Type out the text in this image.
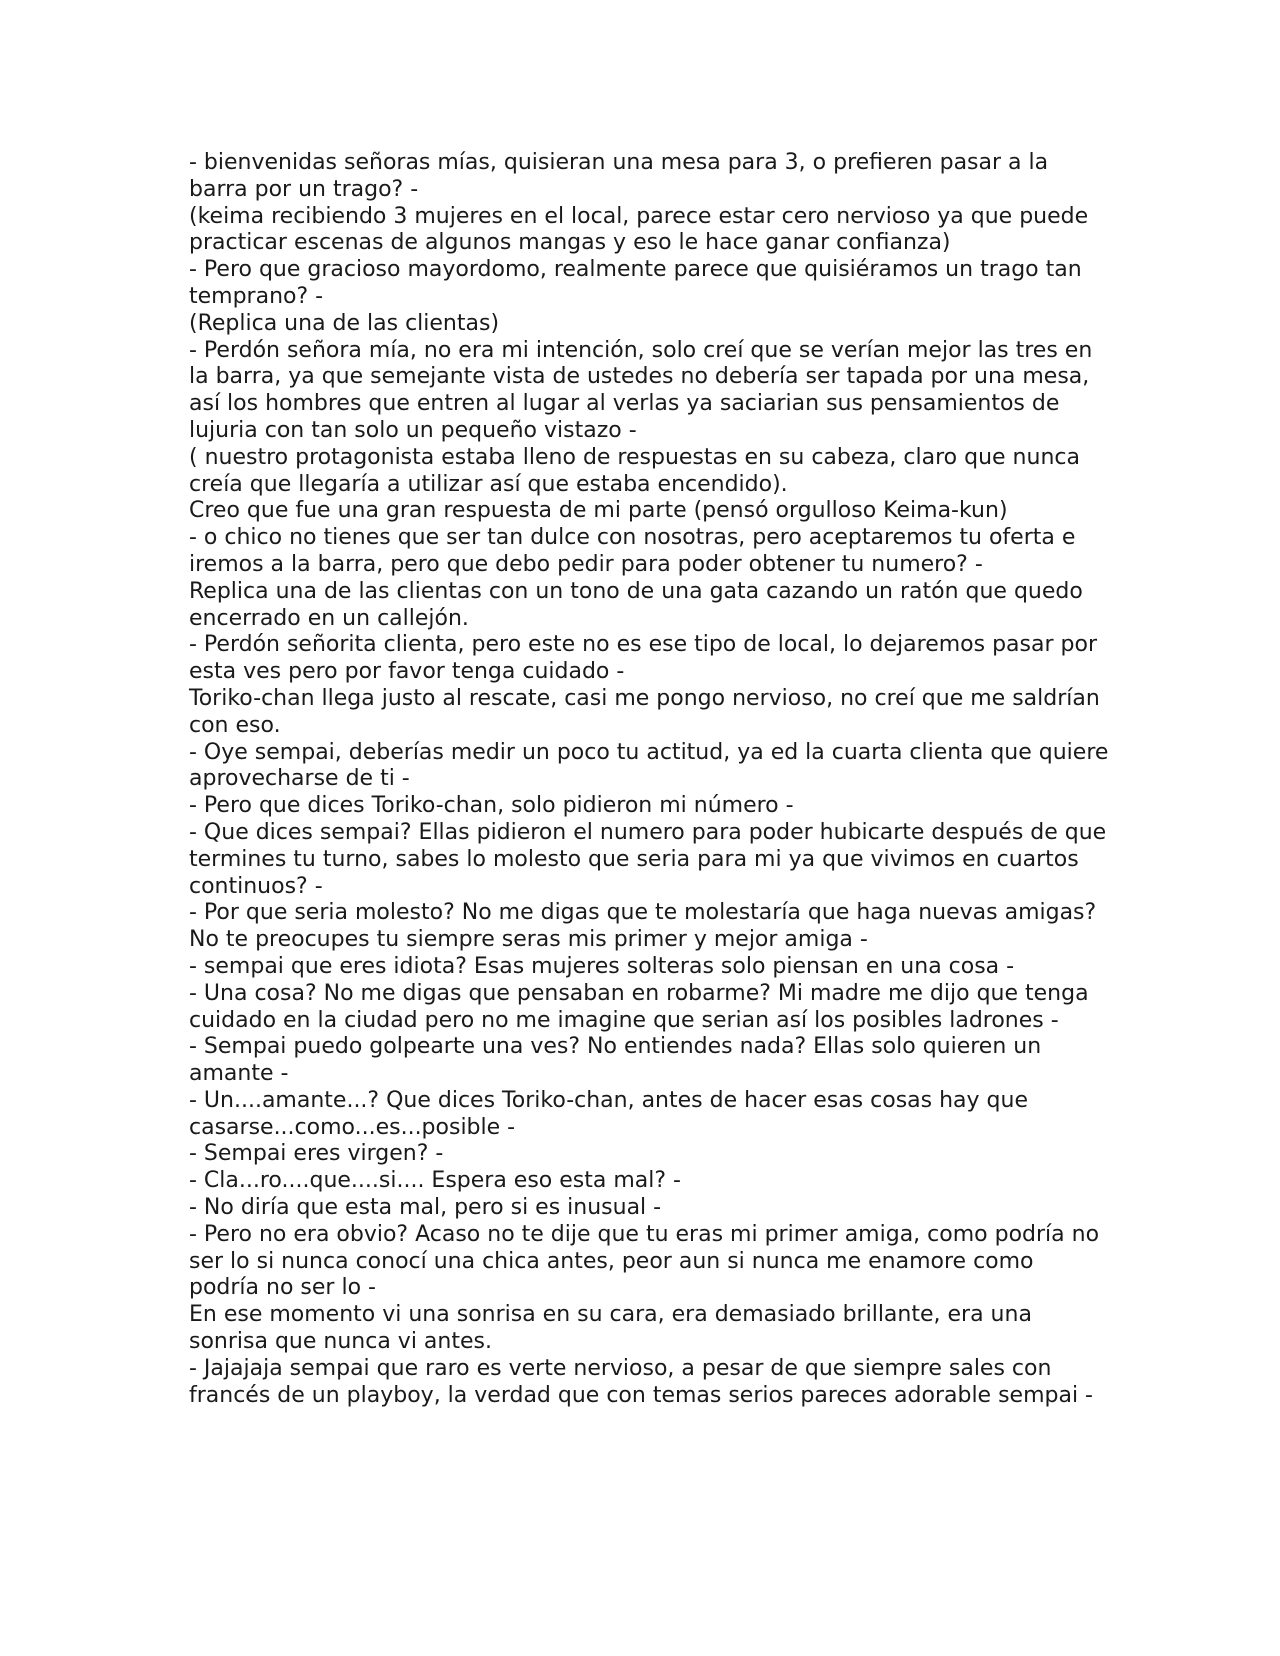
- bienvenidas señoras mías, quisieran una mesa para 3, o prefieren pasar a la barra por un trago? -

(keima recibiendo 3 mujeres en el local, parece estar cero nervioso ya que puede practicar escenas de algunos mangas y eso le hace ganar confianza)

- Pero que gracioso mayordomo, realmente parece que quisiéramos un trago tan temprano? -

(Replica una de las clientas)

- Perdón señora mía, no era mi intención, solo creí que se verían mejor las tres en la barra, ya que semejante vista de ustedes no debería ser tapada por una mesa, así los hombres que entren al lugar al verlas ya saciarian sus pensamientos de lujuria con tan solo un pequeño vistazo -

( nuestro protagonista estaba lleno de respuestas en su cabeza, claro que nunca creía que llegaría a utilizar así que estaba encendido).

Creo que fue una gran respuesta de mi parte (pensó orgulloso Keima-kun)

- o chico no tienes que ser tan dulce con nosotras, pero aceptaremos tu oferta e iremos a la barra, pero que debo pedir para poder obtener tu numero? -

Replica una de las clientas con un tono de una gata cazando un ratón que quedo encerrado en un callejón.

- Perdón señorita clienta, pero este no es ese tipo de local, lo dejaremos pasar por esta ves pero por favor tenga cuidado -

Toriko-chan llega justo al rescate, casi me pongo nervioso, no creí que me saldrían con eso.

- Oye sempai, deberías medir un poco tu actitud, ya ed la cuarta clienta que quiere aprovecharse de ti -

- Pero que dices Toriko-chan, solo pidieron mi número -

- Que dices sempai? Ellas pidieron el numero para poder hubicarte después de que termines tu turno, sabes lo molesto que seria para mi ya que vivimos en cuartos continuos? -

- Por que seria molesto? No me digas que te molestaría que haga nuevas amigas? No te preocupes tu siempre seras mis primer y mejor amiga -

- sempai que eres idiota? Esas mujeres solteras solo piensan en una cosa -

- Una cosa? No me digas que pensaban en robarme? Mi madre me dijo que tenga cuidado en la ciudad pero no me imagine que serian así los posibles ladrones -

- Sempai puedo golpearte una ves? No entiendes nada? Ellas solo quieren un amante -

- Un....amante...? Que dices Toriko-chan, antes de hacer esas cosas hay que casarse...como...es...posible -

- Sempai eres virgen? -

- Cla...ro....que....si.... Espera eso esta mal? -

- No diría que esta mal, pero si es inusual -

- Pero no era obvio? Acaso no te dije que tu eras mi primer amiga, como podría no ser lo si nunca conocí una chica antes, peor aun si nunca me enamore como podría no ser lo -

En ese momento vi una sonrisa en su cara, era demasiado brillante, era una sonrisa que nunca vi antes.

- Jajajaja sempai que raro es verte nervioso, a pesar de que siempre sales con francés de un playboy, la verdad que con temas serios pareces adorable sempai -
